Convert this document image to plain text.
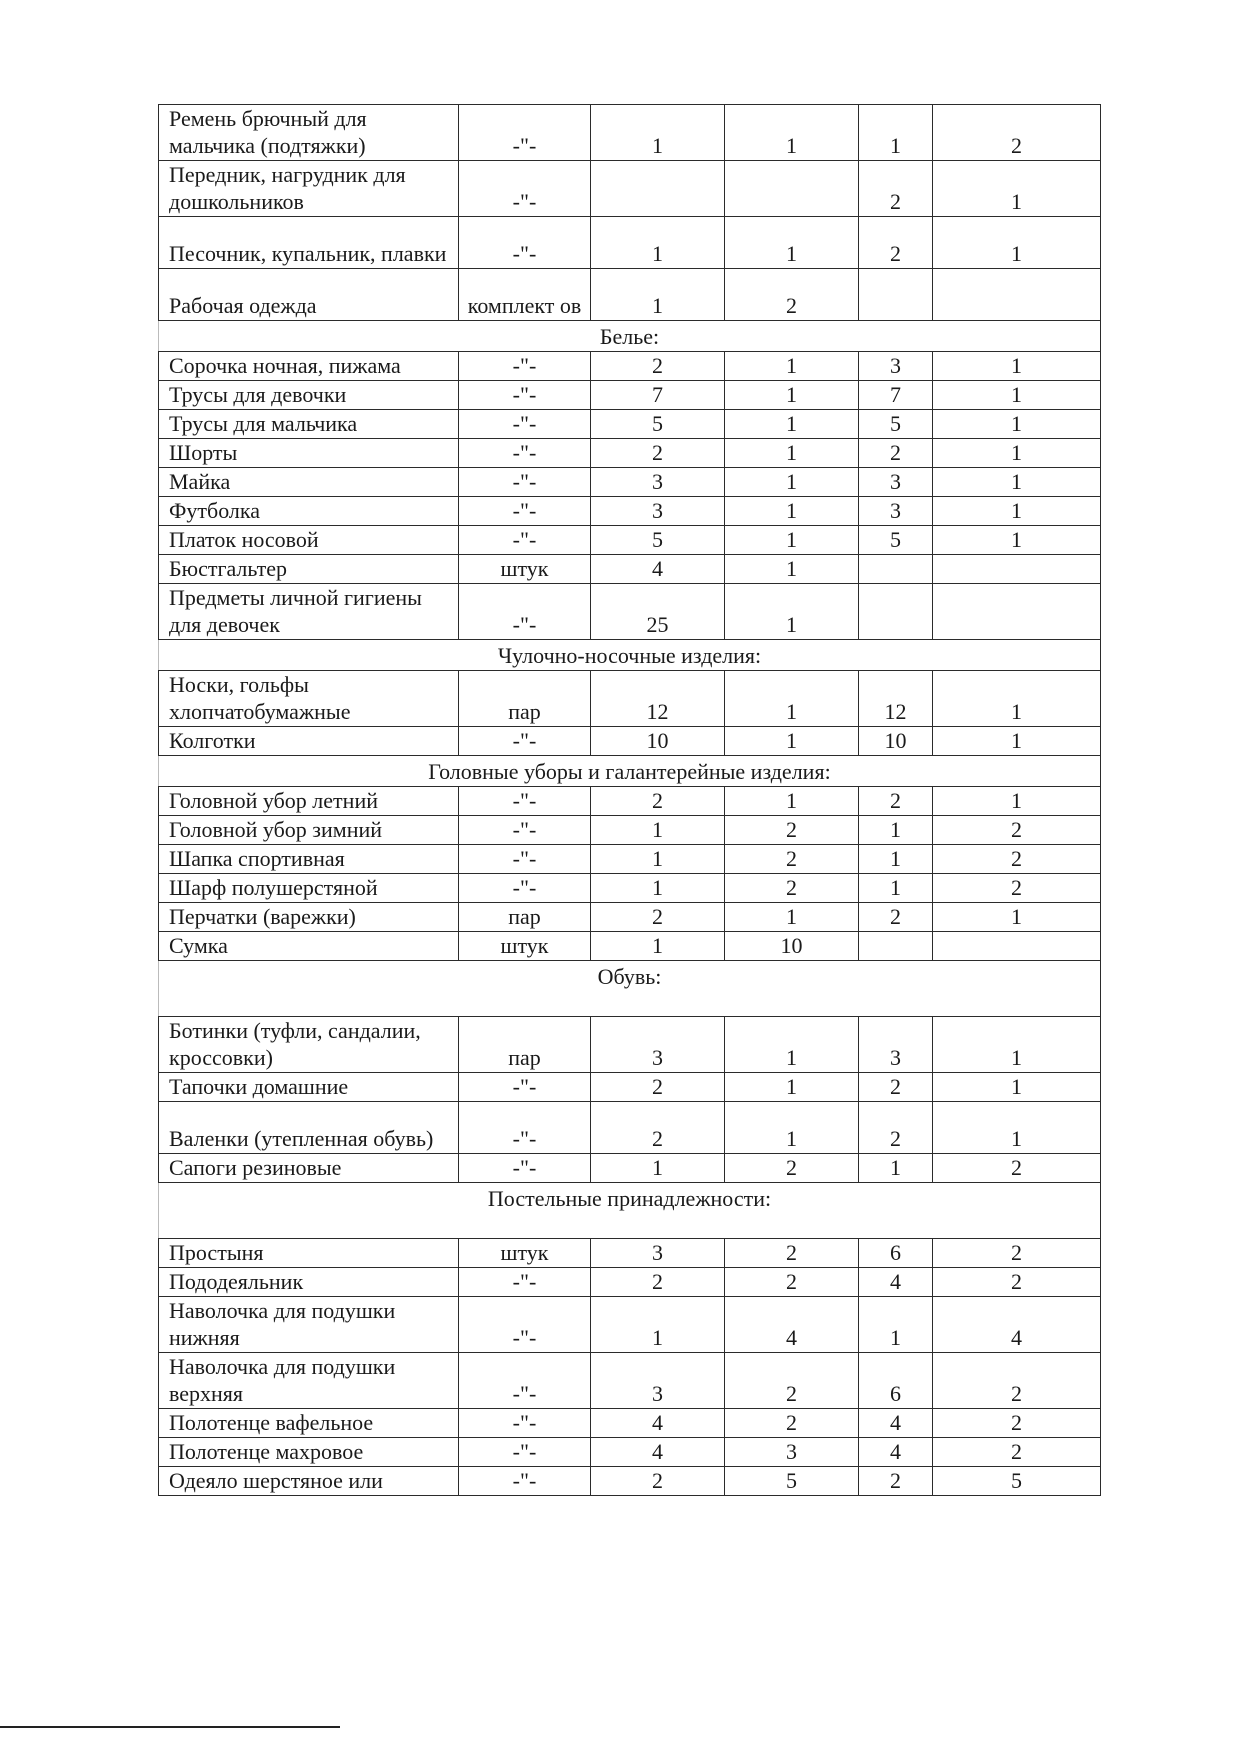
Ремень брючный для мальчика (подтяжки)	-"-	1	1	1	2
Передник, нагрудник для дошкольников	-"-			2	1
Песочник, купальник, плавки	-"-	1	1	2	1
Рабочая одежда	комплект ов	1	2		
Белье:					
Сорочка ночная, пижама	-"-	2	1	3	1
Трусы для девочки	-"-	7	1	7	1
Трусы для мальчика	-"-	5	1	5	1
Шорты	-"-	2	1	2	1
Майка	-"-	3	1	3	1
Футболка	-"-	3	1	3	1
Платок носовой	-"-	5	1	5	1
Бюстгальтер	штук	4	1		
Предметы личной гигиены для девочек	-"-	25	1		
Чулочно-носочные изделия:					
Носки, гольфы хлопчатобумажные	пар	12	1	12	1
Колготки	-"-	10	1	10	1
Головные уборы и галантерейные изделия:					
Головной убор летний	-"-	2	1	2	1
Головной убор зимний	-"-	1	2	1	2
Шапка спортивная	-"-	1	2	1	2
Шарф полушерстяной	-"-	1	2	1	2
Перчатки (варежки)	пар	2	1	2	1
Сумка	штук	1	10		
Обувь:					
Ботинки (туфли, сандалии, кроссовки)	пар	3	1	3	1
Тапочки домашние	-"-	2	1	2	1
Валенки (утепленная обувь)	-"-	2	1	2	1
Сапоги резиновые	-"-	1	2	1	2
Постельные принадлежности:					
Простыня	штук	3	2	6	2
Пододеяльник	-"-	2	2	4	2
Наволочка для подушки нижняя	-"-	1	4	1	4
Наволочка для подушки верхняя	-"-	3	2	6	2
Полотенце вафельное	-"-	4	2	4	2
Полотенце махровое	-"-	4	3	4	2
Одеяло шерстяное или	-"-	2	5	2	5
